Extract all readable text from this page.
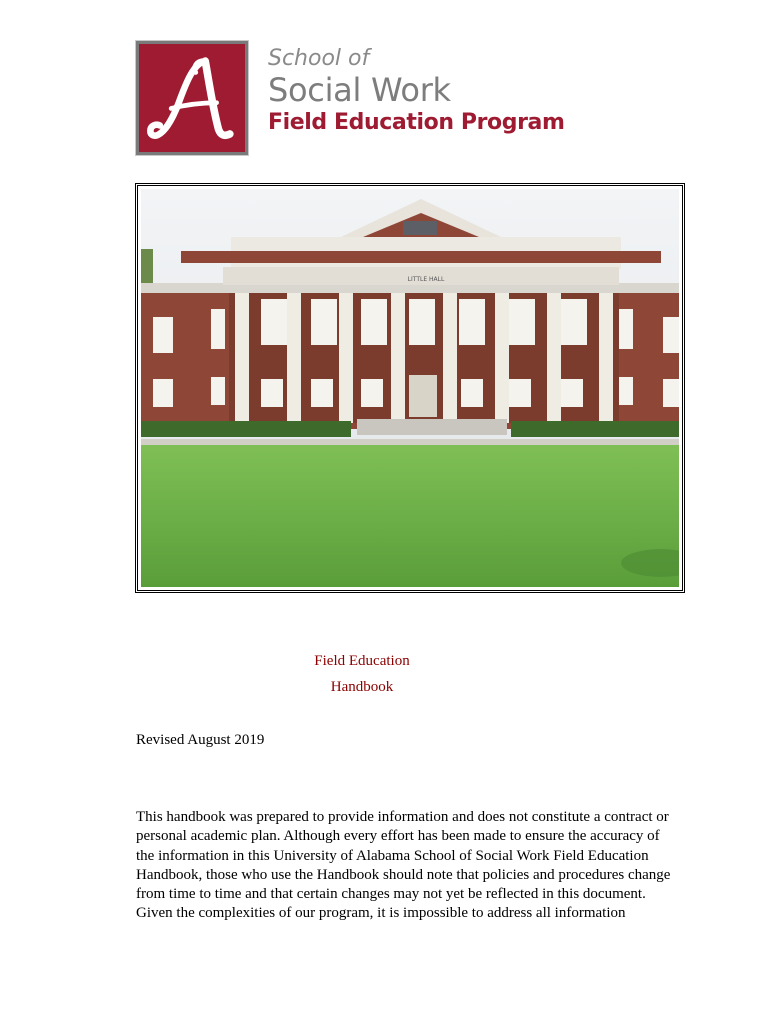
School of
Social Work
Field Education Program
LITTLE HALL
Field Education
Handbook
Revised August 2019
This handbook was prepared to provide information and does not constitute a contract or
personal academic plan. Although every effort has been made to ensure the accuracy of
the information in this University of Alabama School of Social Work Field Education
Handbook, those who use the Handbook should note that policies and procedures change
from time to time and that certain changes may not yet be reflected in this document.
Given the complexities of our program, it is impossible to address all information
